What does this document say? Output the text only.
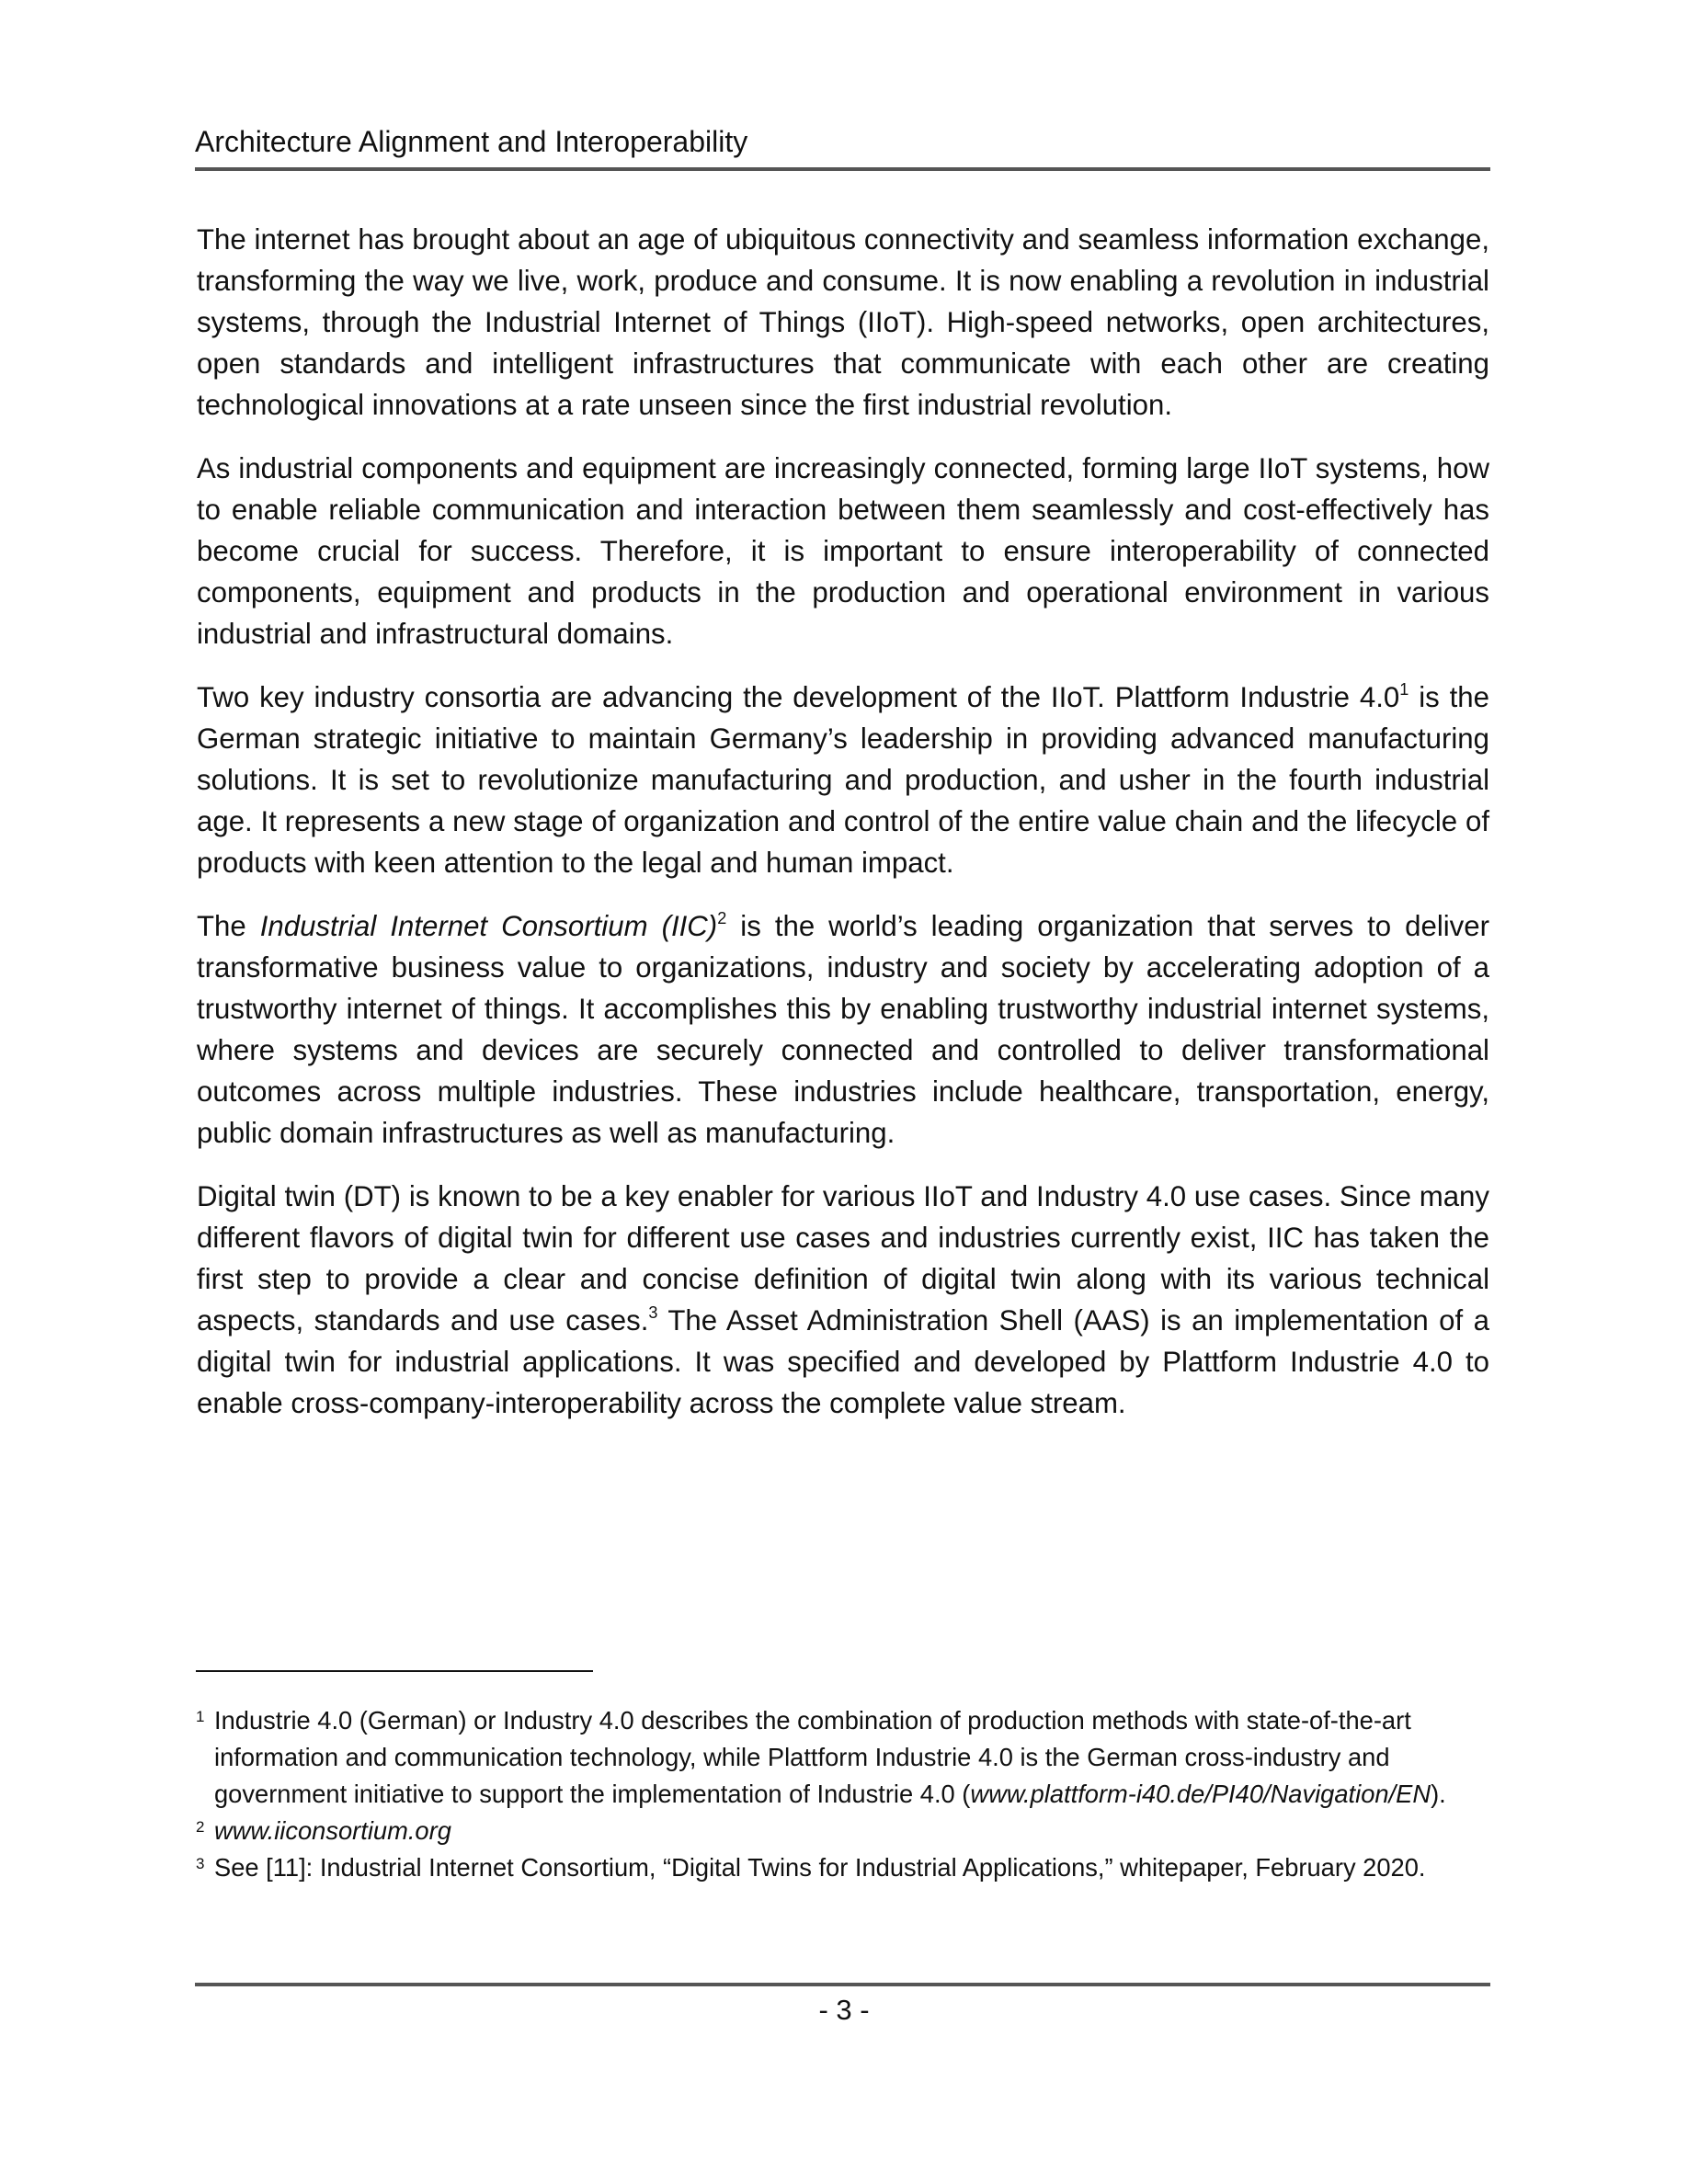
Architecture Alignment and Interoperability

The internet has brought about an age of ubiquitous connectivity and seamless information exchange, transforming the way we live, work, produce and consume. It is now enabling a revolution in industrial systems, through the Industrial Internet of Things (IIoT). High-speed networks, open architectures, open standards and intelligent infrastructures that communicate with each other are creating technological innovations at a rate unseen since the first industrial revolution.

As industrial components and equipment are increasingly connected, forming large IIoT systems, how to enable reliable communication and interaction between them seamlessly and cost-effectively has become crucial for success. Therefore, it is important to ensure interoperability of connected components, equipment and products in the production and operational environment in various industrial and infrastructural domains.

Two key industry consortia are advancing the development of the IIoT. Plattform Industrie $4.0^1$ is the German strategic initiative to maintain Germany’s leadership in providing advanced manufacturing solutions. It is set to revolutionize manufacturing and production, and usher in the fourth industrial age. It represents a new stage of organization and control of the entire value chain and the lifecycle of products with keen attention to the legal and human impact.

The Industrial Internet Consortium (IIC)$^2$ is the world’s leading organization that serves to deliver transformative business value to organizations, industry and society by accelerating adoption of a trustworthy internet of things. It accomplishes this by enabling trustworthy industrial internet systems, where systems and devices are securely connected and controlled to deliver transformational outcomes across multiple industries. These industries include healthcare, transportation, energy, public domain infrastructures as well as manufacturing.

Digital twin (DT) is known to be a key enabler for various IIoT and Industry 4.0 use cases. Since many different flavors of digital twin for different use cases and industries currently exist, IIC has taken the first step to provide a clear and concise definition of digital twin along with its various technical aspects, standards and use cases.$^3$ The Asset Administration Shell (AAS) is an implementation of a digital twin for industrial applications. It was specified and developed by Plattform Industrie 4.0 to enable cross-company-interoperability across the complete value stream.

1 Industrie 4.0 (German) or Industry 4.0 describes the combination of production methods with state-of-the-art information and communication technology, while Plattform Industrie 4.0 is the German cross-industry and government initiative to support the implementation of Industrie 4.0 (www.plattform-i40.de/PI40/Navigation/EN).
2 www.iiconsortium.org
3 See [11]: Industrial Internet Consortium, “Digital Twins for Industrial Applications,” whitepaper, February 2020.
- 3 -
